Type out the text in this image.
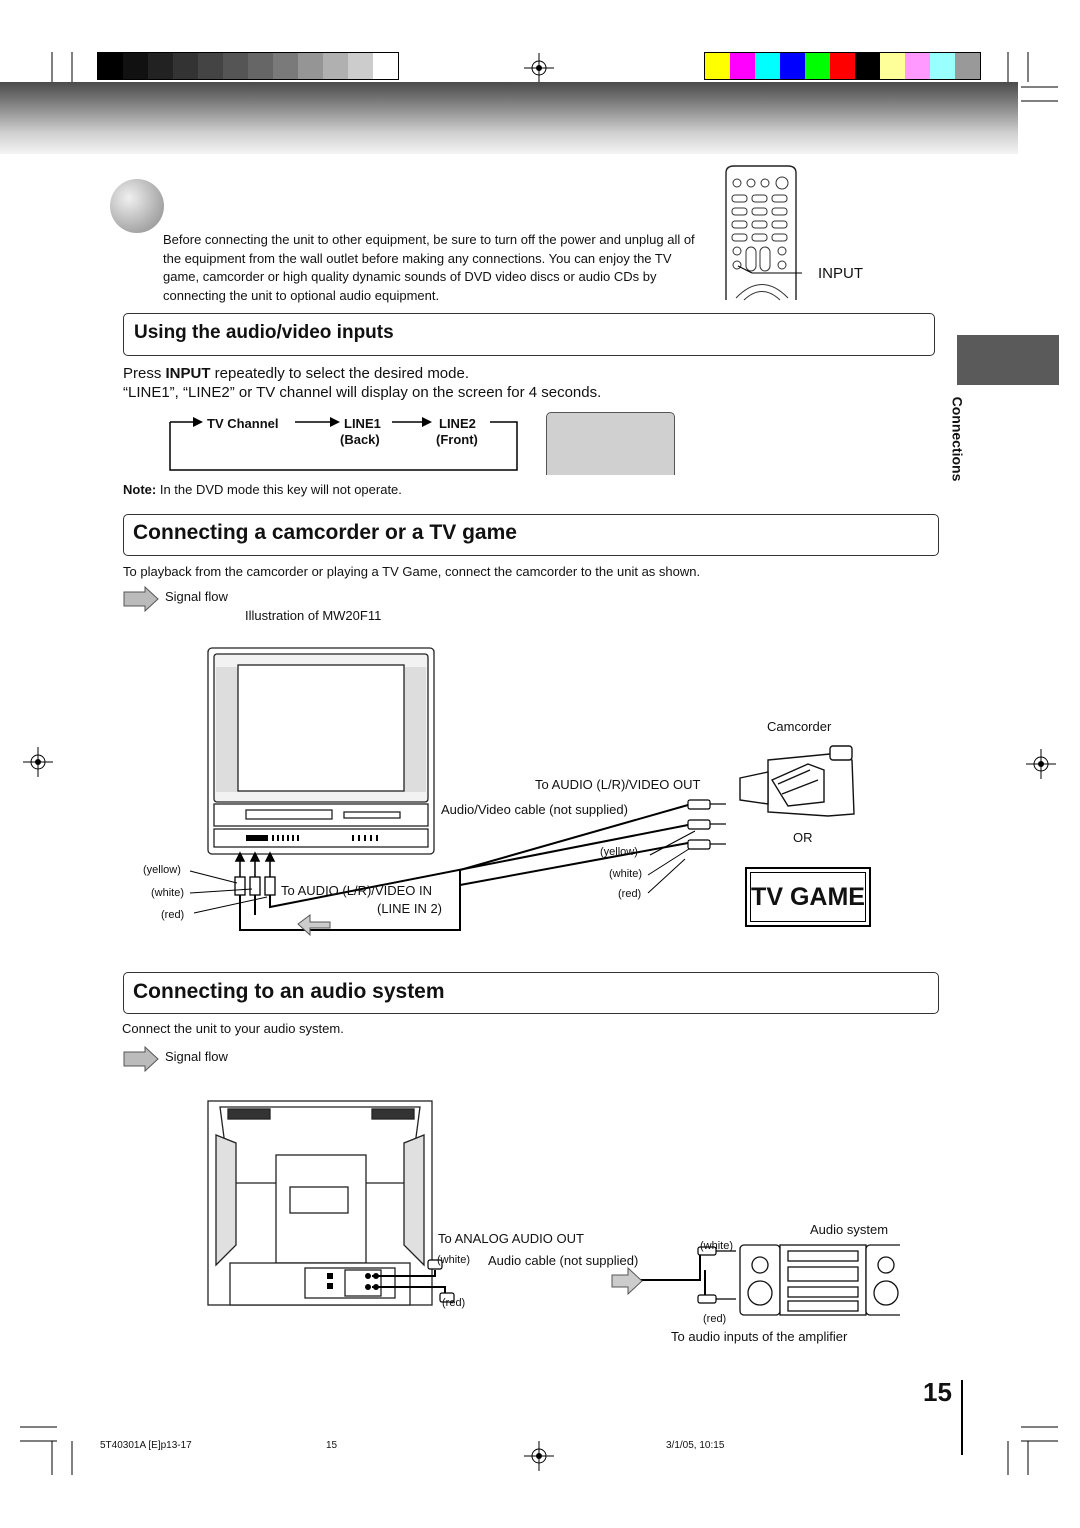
Before connecting the unit to other equipment, be sure to turn off the power and unplug all of the equipment from the wall outlet before making any connections. You can enjoy the TV game, camcorder or high quality dynamic sounds of DVD video discs or audio CDs by connecting the unit to optional audio equipment.
INPUT
Connections
Using the audio/video inputs
Press INPUT repeatedly to select the desired mode.
“LINE1”, “LINE2” or TV channel will display on the screen for 4 seconds.
TV Channel	LINE1
(Back)
LINE2
(Front)
Note: In the DVD mode this key will not operate.
Connecting a camcorder or a TV game
To playback from the camcorder or playing a TV Game, connect the camcorder to the unit as shown.
Signal flow
Illustration of MW20F11
Camcorder
To AUDIO (L/R)/VIDEO OUT
Audio/Video cable (not supplied)
OR
(yellow)
(white)
(red)
(yellow)
(white)
(red)
To AUDIO (L/R)/VIDEO IN
(LINE IN 2)	TV GAME
Connecting to an audio system
Connect the unit to your audio system.
Signal flow
To ANALOG AUDIO OUT
(white) Audio cable (not supplied)
(red)
Audio system
(white)
(red)
To audio inputs of the amplifier
15
5T40301A [E]p13-17	15	3/1/05, 10:15
